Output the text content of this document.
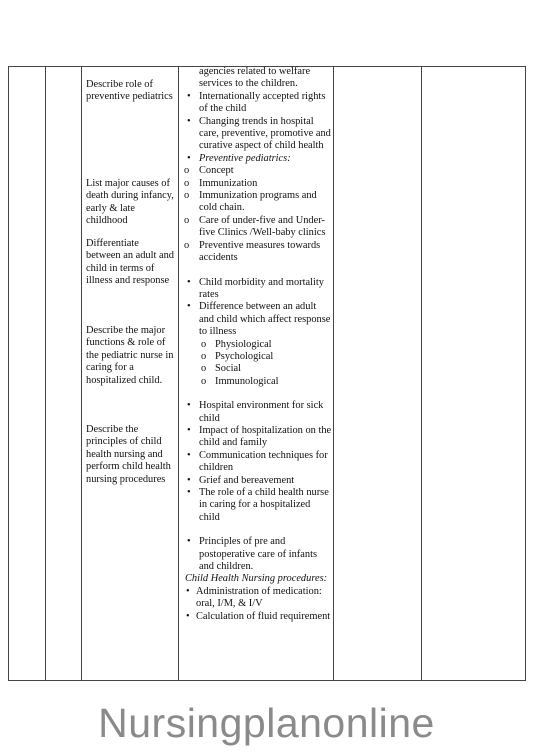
Describe role of preventive pediatrics

List major causes of death during infancy, early & late childhood

Differentiate between an adult and child in terms of illness and response

Describe the major functions & role of the pediatric nurse in caring for a hospitalized child.

Describe the principles of child health nursing and perform child health nursing procedures

agencies related to welfare services to the children.
• Internationally accepted rights of the child
• Changing trends in hospital care, preventive, promotive and curative aspect of child health
• Preventive pediatrics:
o Concept
o Immunization
o Immunization programs and cold chain.
o Care of under-five and Under-five Clinics /Well-baby clinics
o Preventive measures towards accidents
• Child morbidity and mortality rates
• Difference between an adult and child which affect response to illness
o Physiological
o Psychological
o Social
o Immunological
• Hospital environment for sick child
• Impact of hospitalization on the child and family
• Communication techniques for children
• Grief and bereavement
• The role of a child health nurse in caring for a hospitalized child
• Principles of pre and postoperative care of infants and children.
Child Health Nursing procedures:
• Administration of medication: oral, I/M, & I/V
• Calculation of fluid requirement
Nursingplanonline
